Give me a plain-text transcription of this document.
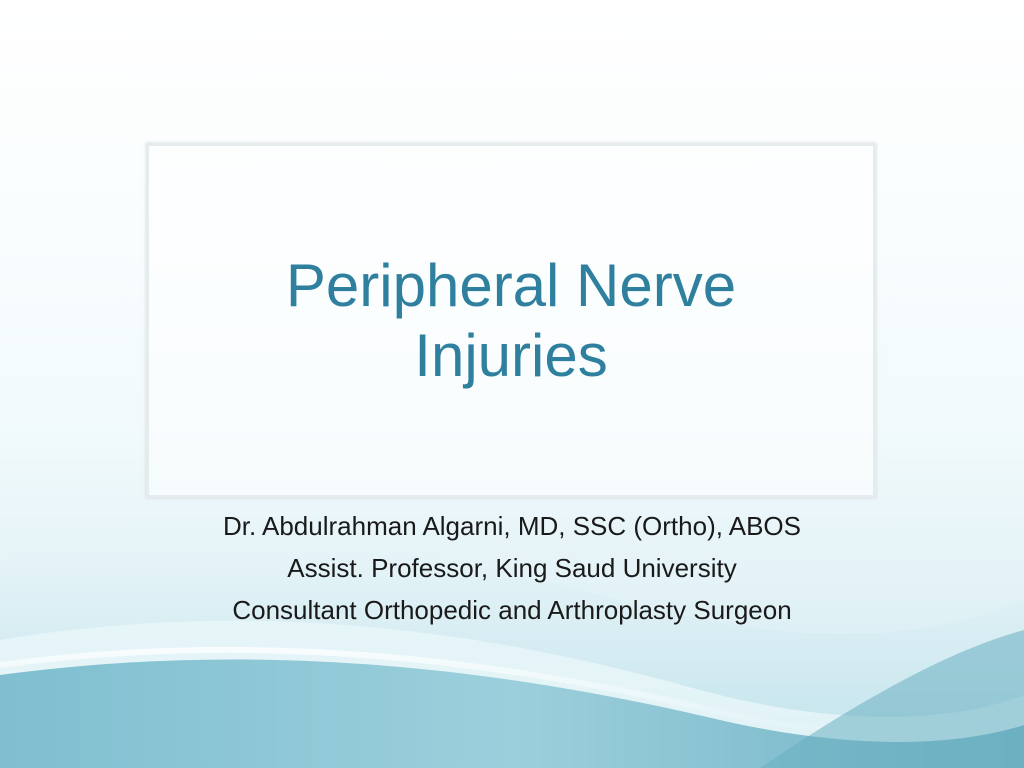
Peripheral Nerve
Injuries
Dr. Abdulrahman Algarni, MD, SSC (Ortho), ABOS
Assist. Professor, King Saud University
Consultant Orthopedic and Arthroplasty Surgeon
